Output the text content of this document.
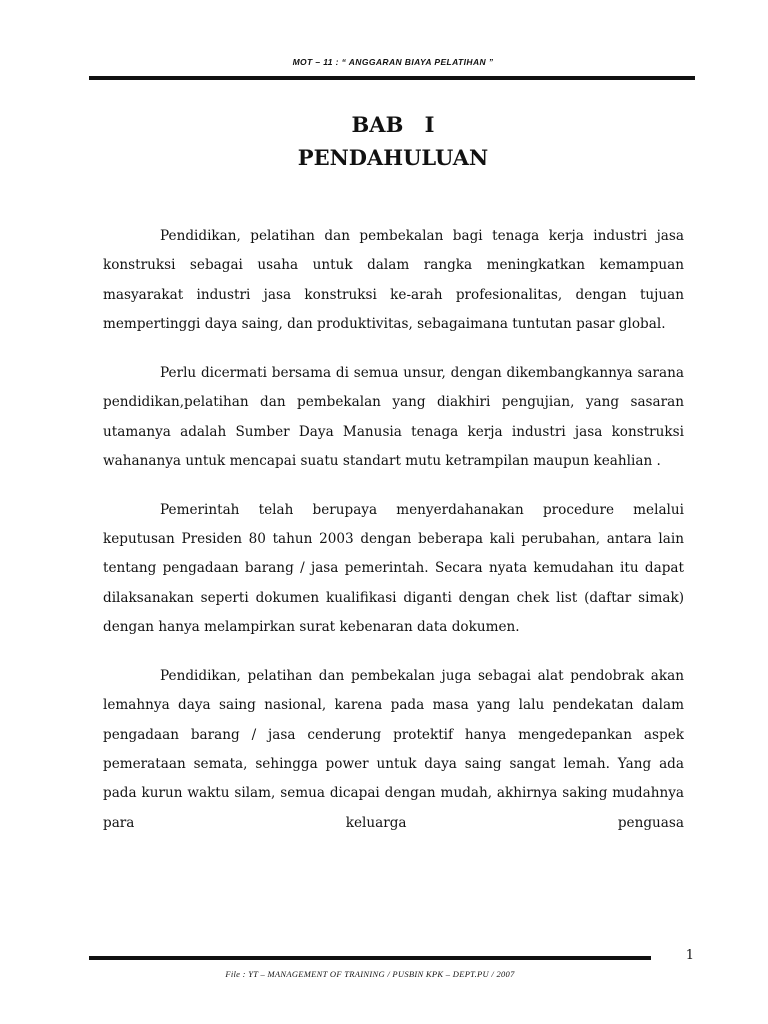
MOT – 11 : “ ANGGARAN BIAYA PELATIHAN ”
BAB I
PENDAHULUAN

Pendidikan, pelatihan dan pembekalan bagi tenaga kerja industri jasa konstruksi sebagai usaha untuk dalam rangka meningkatkan kemampuan masyarakat industri jasa konstruksi ke-arah profesionalitas, dengan tujuan mempertinggi daya saing, dan produktivitas, sebagaimana tuntutan pasar global.

Perlu dicermati bersama di semua unsur, dengan dikembangkannya sarana pendidikan,pelatihan dan pembekalan yang diakhiri pengujian, yang sasaran utamanya adalah Sumber Daya Manusia tenaga kerja industri jasa konstruksi wahananya untuk mencapai suatu standart mutu ketrampilan maupun keahlian .

Pemerintah telah berupaya menyerdahanakan procedure melalui keputusan Presiden 80 tahun 2003 dengan beberapa kali perubahan, antara lain tentang pengadaan barang / jasa pemerintah. Secara nyata kemudahan itu dapat dilaksanakan seperti dokumen kualifikasi diganti dengan chek list (daftar simak) dengan hanya melampirkan surat kebenaran data dokumen.

Pendidikan, pelatihan dan pembekalan juga sebagai alat pendobrak akan lemahnya daya saing nasional, karena pada masa yang lalu pendekatan dalam pengadaan barang / jasa cenderung protektif hanya mengedepankan aspek pemerataan semata, sehingga power untuk daya saing sangat lemah. Yang ada pada kurun waktu silam, semua dicapai dengan mudah, akhirnya saking mudahnya para keluarga penguasa

1
File : YT – MANAGEMENT OF TRAINING / PUSBIN KPK – DEPT.PU / 2007
